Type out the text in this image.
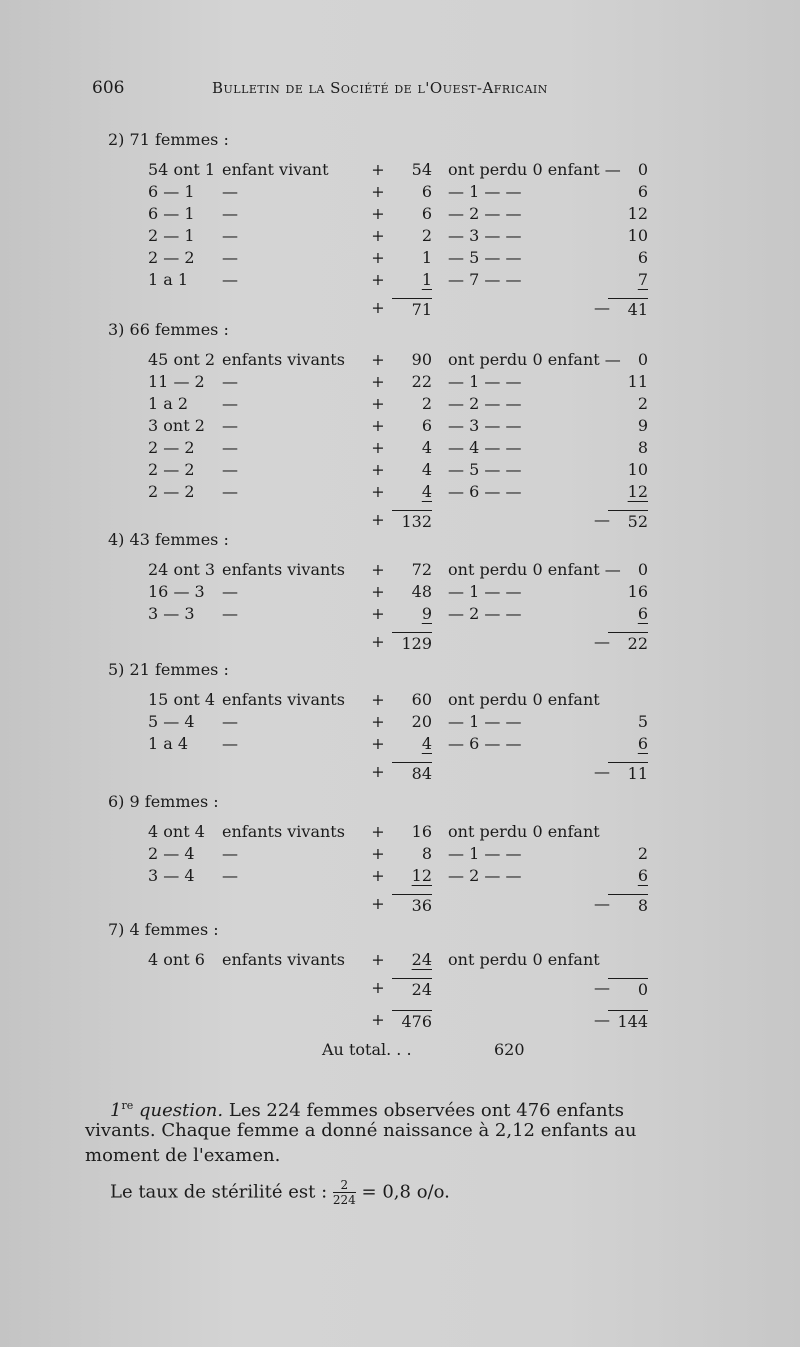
606	Bulletin de la Société de l'Ouest-Africain
2) 71 femmes :
54 ont 1 enfant vivant	+	54 ont perdu 0 enfant —	0
6 — 1	—	+	6 — 1 — —	6
6 — 1	—	+	6 — 2 — —	12
2 — 1	—	+	2 — 3 — —	10
2 — 2	—	+	1 — 5 — —	6
1 a 1	—	+	1 — 7 — —	7
+	71	—	41
3) 66 femmes :
45 ont 2 enfants vivants +	90 ont perdu 0 enfant —	0
11 — 2	—	+	22 — 1 — —	11
1 a 2	—	+	2 — 2 — —	2
3 ont 2	—	+	6 — 3 — —	9
2 — 2	—	+	4 — 4 — —	8
2 — 2	—	+	4 — 5 — —	10
2 — 2	—	+	4 — 6 — —	12
+	132	—	52
4) 43 femmes :
24 ont 3 enfants vivants +	72 ont perdu 0 enfant —	0
16 — 3	—	+	48 — 1 — —	16
3 — 3	—	+	9 — 2 — —	6
+	129	—	22
5) 21 femmes :
15 ont 4 enfants vivants +	60 ont perdu 0 enfant
5 — 4	—	+	20 — 1 — —	5
1 a 4	—	+	4 — 6 — —	6
+	84	—	11
6) 9 femmes :
4 ont 4	enfants vivants +	16 ont perdu 0 enfant
2 — 4	—	+	8 — 1 — —	2
3 — 4	—	+	12 — 2 — —	6
+	36	—	8
7) 4 femmes :
4 ont 6	enfants vivants +	24 ont perdu 0 enfant
+	24	—	0
+	476	— 144
Au total. . .	620
1re question. Les 224 femmes observées ont 476 enfants
vivants. Chaque femme a donné naissance à 2,12 enfants au
moment de l'examen.
Le taux de stérilité est : $\frac{2}{224} = 0,8$ o/o.
